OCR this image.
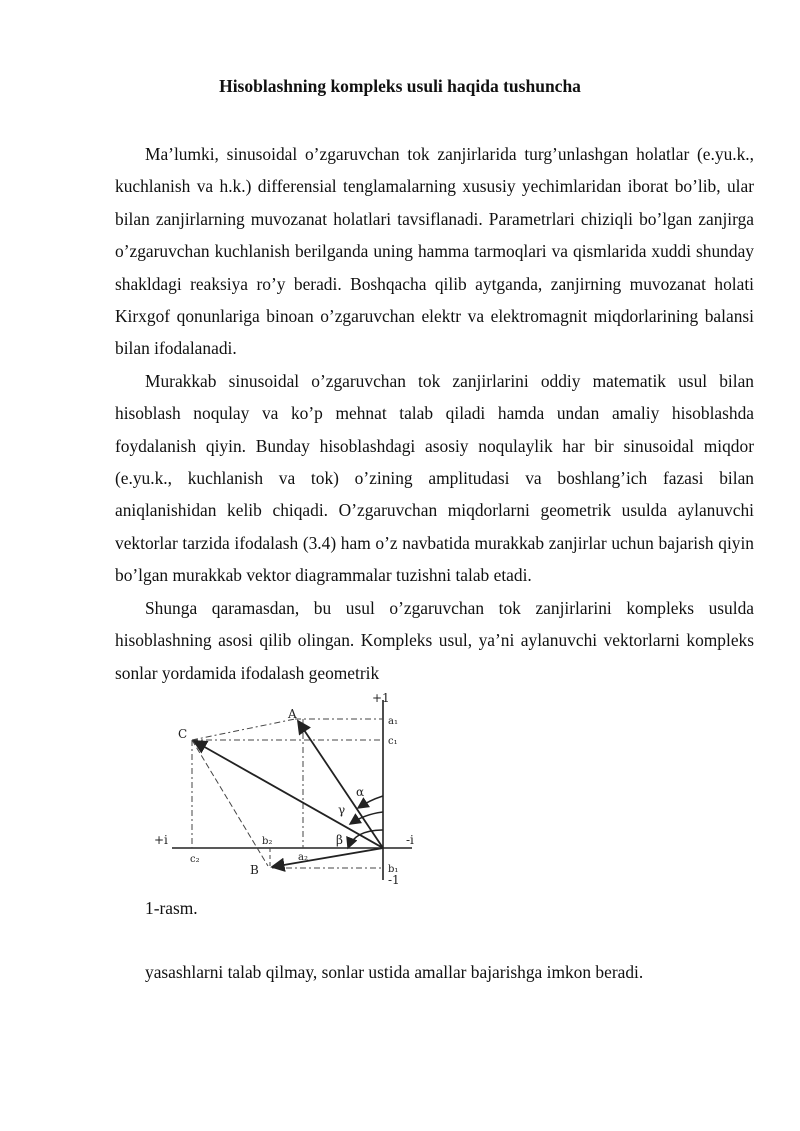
Hisoblashning kompleks usuli haqida tushuncha

Ma’lumki, sinusoidal o’zgaruvchan tok zanjirlarida turg’unlashgan holatlar (e.yu.k., kuchlanish va h.k.) differensial tenglamalarning xususiy yechimlaridan iborat bo’lib, ular bilan zanjirlarning muvozanat holatlari tavsiflanadi. Parametrlari chiziqli bo’lgan zanjirga o’zgaruvchan kuchlanish berilganda uning hamma tarmoqlari va qismlarida xuddi shunday shakldagi reaksiya ro’y beradi. Boshqacha qilib aytganda, zanjirning muvozanat holati Kirxgof qonunlariga binoan o’zgaruvchan elektr va elektromagnit miqdorlarining balansi bilan ifodalanadi.

Murakkab sinusoidal o’zgaruvchan tok zanjirlarini oddiy matematik usul bilan hisoblash noqulay va ko’p mehnat talab qiladi hamda undan amaliy hisoblashda foydalanish qiyin. Bunday hisoblashdagi asosiy noqulaylik har bir sinusoidal miqdor (e.yu.k., kuchlanish va tok) o’zining amplitudasi va boshlang’ich fazasi bilan aniqlanishidan kelib chiqadi. O’zgaruvchan miqdorlarni geometrik usulda aylanuvchi vektorlar tarzida ifodalash (3.4) ham o’z navbatida murakkab zanjirlar uchun bajarish qiyin bo’lgan murakkab vektor diagrammalar tuzishni talab etadi.

Shunga qaramasdan, bu usul o’zgaruvchan tok zanjirlarini kompleks usulda hisoblashning asosi qilib olingan. Kompleks usul, ya’ni aylanuvchi vektorlarni kompleks sonlar yordamida ifodalash geometrik

+1
-1
+i	-i
A
C
B
a₁
c₁
b₁
c₂
b₂
a₂
α
γ
β
1-rasm.
yasashlarni talab qilmay, sonlar ustida amallar bajarishga imkon beradi.
